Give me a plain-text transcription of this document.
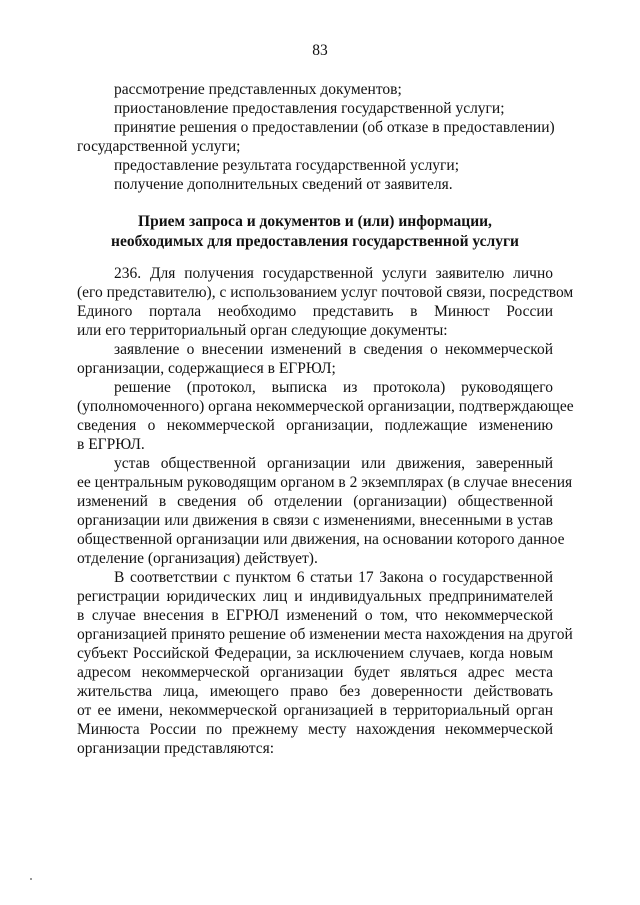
83
рассмотрение представленных документов;
приостановление предоставления государственной услуги;
принятие решения о предоставлении (об отказе в предоставлении)
государственной услуги;
предоставление результата государственной услуги;
получение дополнительных сведений от заявителя.
Прием запроса и документов и (или) информации,
необходимых для предоставления государственной услуги
236. Для получения государственной услуги заявителю лично
(его представителю), с использованием услуг почтовой связи, посредством
Единого портала необходимо представить в Минюст России
или его территориальный орган следующие документы:
заявление о внесении изменений в сведения о некоммерческой
организации, содержащиеся в ЕГРЮЛ;
решение (протокол, выписка из протокола) руководящего
(уполномоченного) органа некоммерческой организации, подтверждающее
сведения о некоммерческой организации, подлежащие изменению
в ЕГРЮЛ.
устав общественной организации или движения, заверенный
ее центральным руководящим органом в 2 экземплярах (в случае внесения
изменений в сведения об отделении (организации) общественной
организации или движения в связи с изменениями, внесенными в устав
общественной организации или движения, на основании которого данное
отделение (организация) действует).
В соответствии с пунктом 6 статьи 17 Закона о государственной
регистрации юридических лиц и индивидуальных предпринимателей
в случае внесения в ЕГРЮЛ изменений о том, что некоммерческой
организацией принято решение об изменении места нахождения на другой
субъект Российской Федерации, за исключением случаев, когда новым
адресом некоммерческой организации будет являться адрес места
жительства лица, имеющего право без доверенности действовать
от ее имени, некоммерческой организацией в территориальный орган
Минюста России по прежнему месту нахождения некоммерческой
организации представляются:
